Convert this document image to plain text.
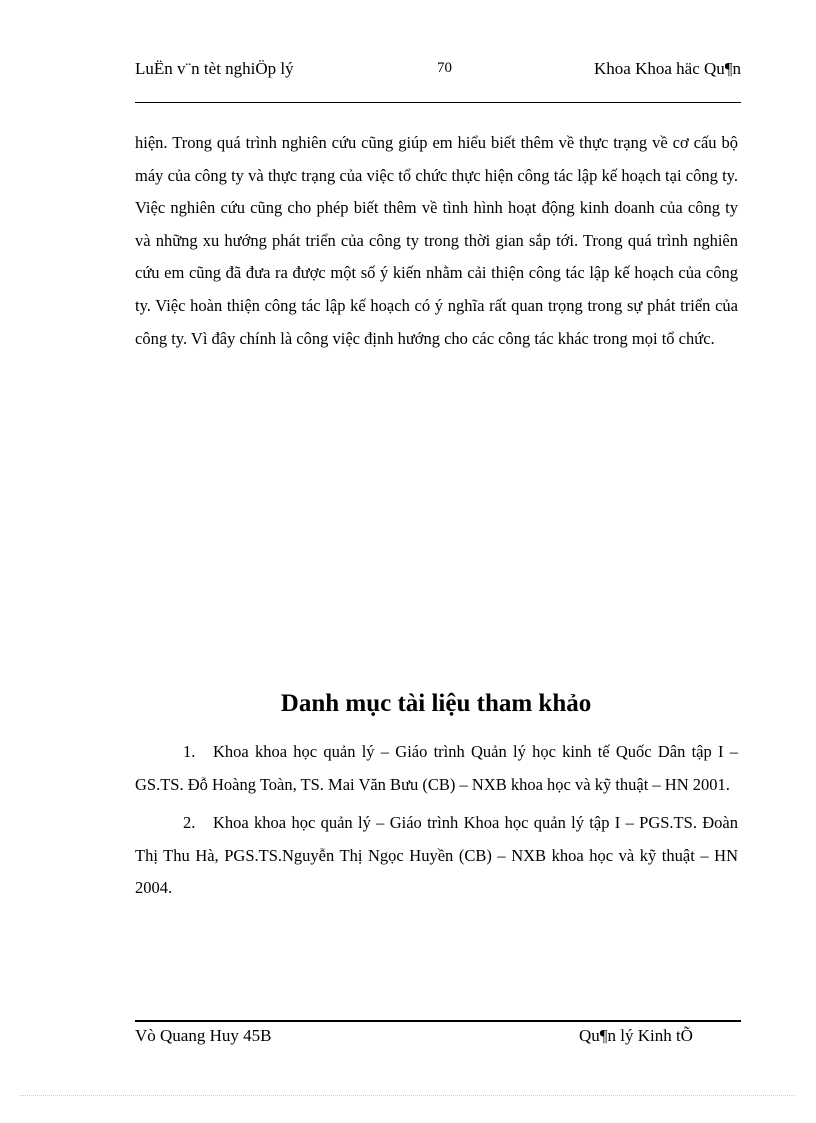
LuËn v¨n tèt nghiÖp lý	70	Khoa Khoa häc Qu¶n
hiện. Trong quá trình nghiên cứu cũng giúp em hiểu biết thêm về thực trạng về cơ cấu bộ máy của công ty và thực trạng của việc tổ chức thực hiện công tác lập kế hoạch tại công ty. Việc nghiên cứu cũng cho phép biết thêm về tình hình hoạt động kinh doanh của công ty và những xu hướng phát triển của công ty trong thời gian sắp tới. Trong quá trình nghiên cứu em cũng đã đưa ra được một số ý kiến nhằm cải thiện công tác lập kế hoạch của công ty. Việc hoàn thiện công tác lập kế hoạch có ý nghĩa rất quan trọng trong sự phát triển của công ty. Vì đây chính là công việc định hướng cho các công tác khác trong mọi tổ chức.
Danh mục tài liệu tham khảo

1. Khoa khoa học quản lý – Giáo trình Quản lý học kinh tế Quốc Dân tập I – GS.TS. Đỗ Hoàng Toàn, TS. Mai Văn Bưu (CB) – NXB khoa học và kỹ thuật – HN 2001.

2. Khoa khoa học quản lý – Giáo trình Khoa học quản lý tập I – PGS.TS. Đoàn Thị Thu Hà, PGS.TS.Nguyễn Thị Ngọc Huyền (CB) – NXB khoa học và kỹ thuật – HN 2004.

Vò Quang Huy 45B	Qu¶n lý Kinh tÕ
